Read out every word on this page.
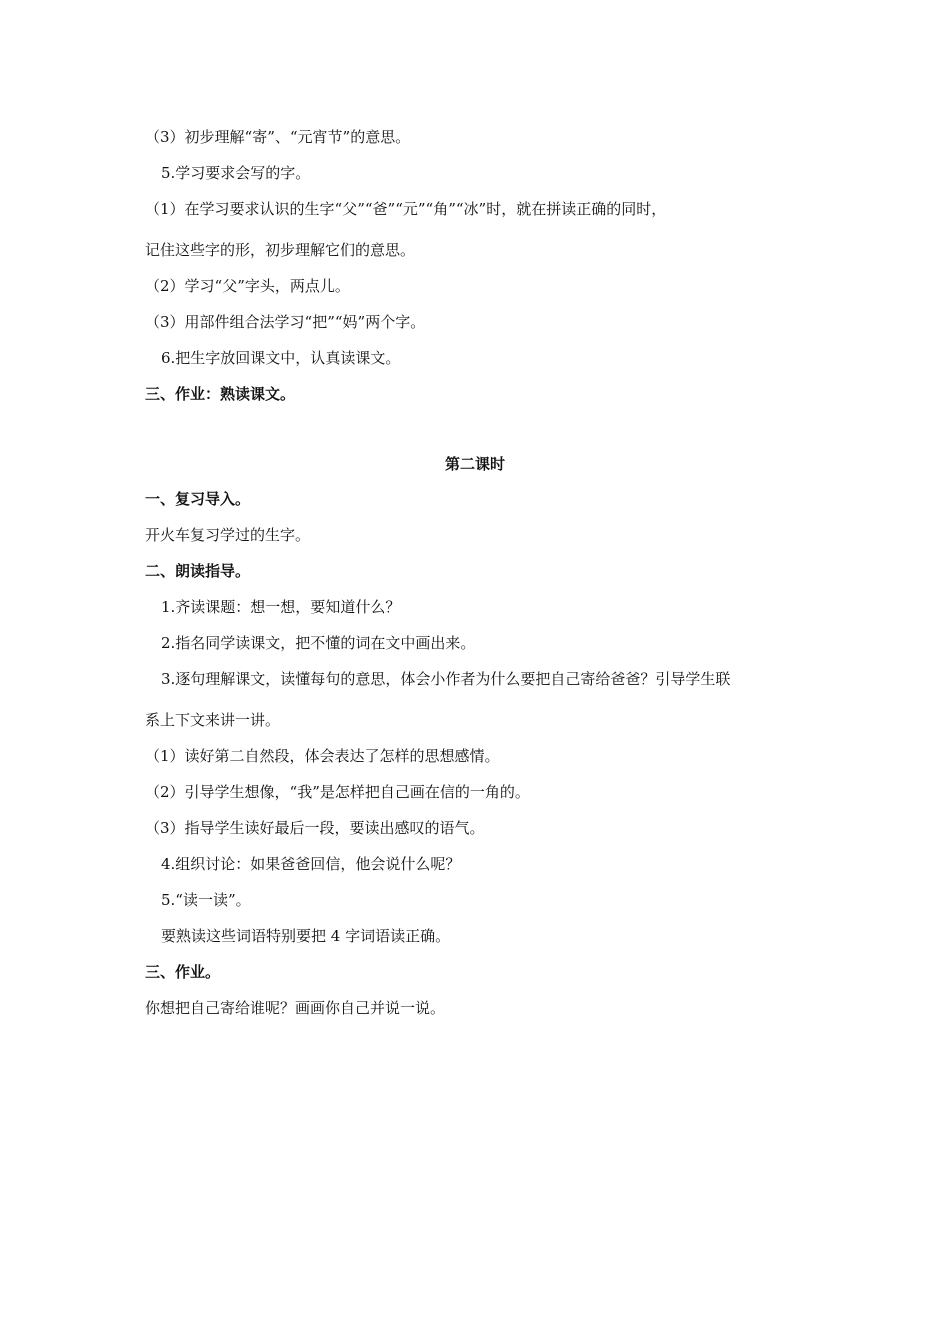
（3）初步理解“寄”、“元宵节”的意思。
5.学习要求会写的字。
（1）在学习要求认识的生字“父”“爸”“元”“角”“冰”时，就在拼读正确的同时，
记住这些字的形，初步理解它们的意思。
（2）学习“父”字头，两点儿。
（3）用部件组合法学习“把”“妈”两个字。
6.把生字放回课文中，认真读课文。
三、作业：熟读课文。
第二课时
一、复习导入。
开火车复习学过的生字。
二、朗读指导。
1.齐读课题：想一想，要知道什么？
2.指名同学读课文，把不懂的词在文中画出来。
3.逐句理解课文，读懂每句的意思，体会小作者为什么要把自己寄给爸爸？引导学生联
系上下文来讲一讲。
（1）读好第二自然段，体会表达了怎样的思想感情。
（2）引导学生想像，“我”是怎样把自己画在信的一角的。
（3）指导学生读好最后一段，要读出感叹的语气。
4.组织讨论：如果爸爸回信，他会说什么呢？
5.“读一读”。
要熟读这些词语特别要把 4 字词语读正确。
三、作业。
你想把自己寄给谁呢？画画你自己并说一说。
